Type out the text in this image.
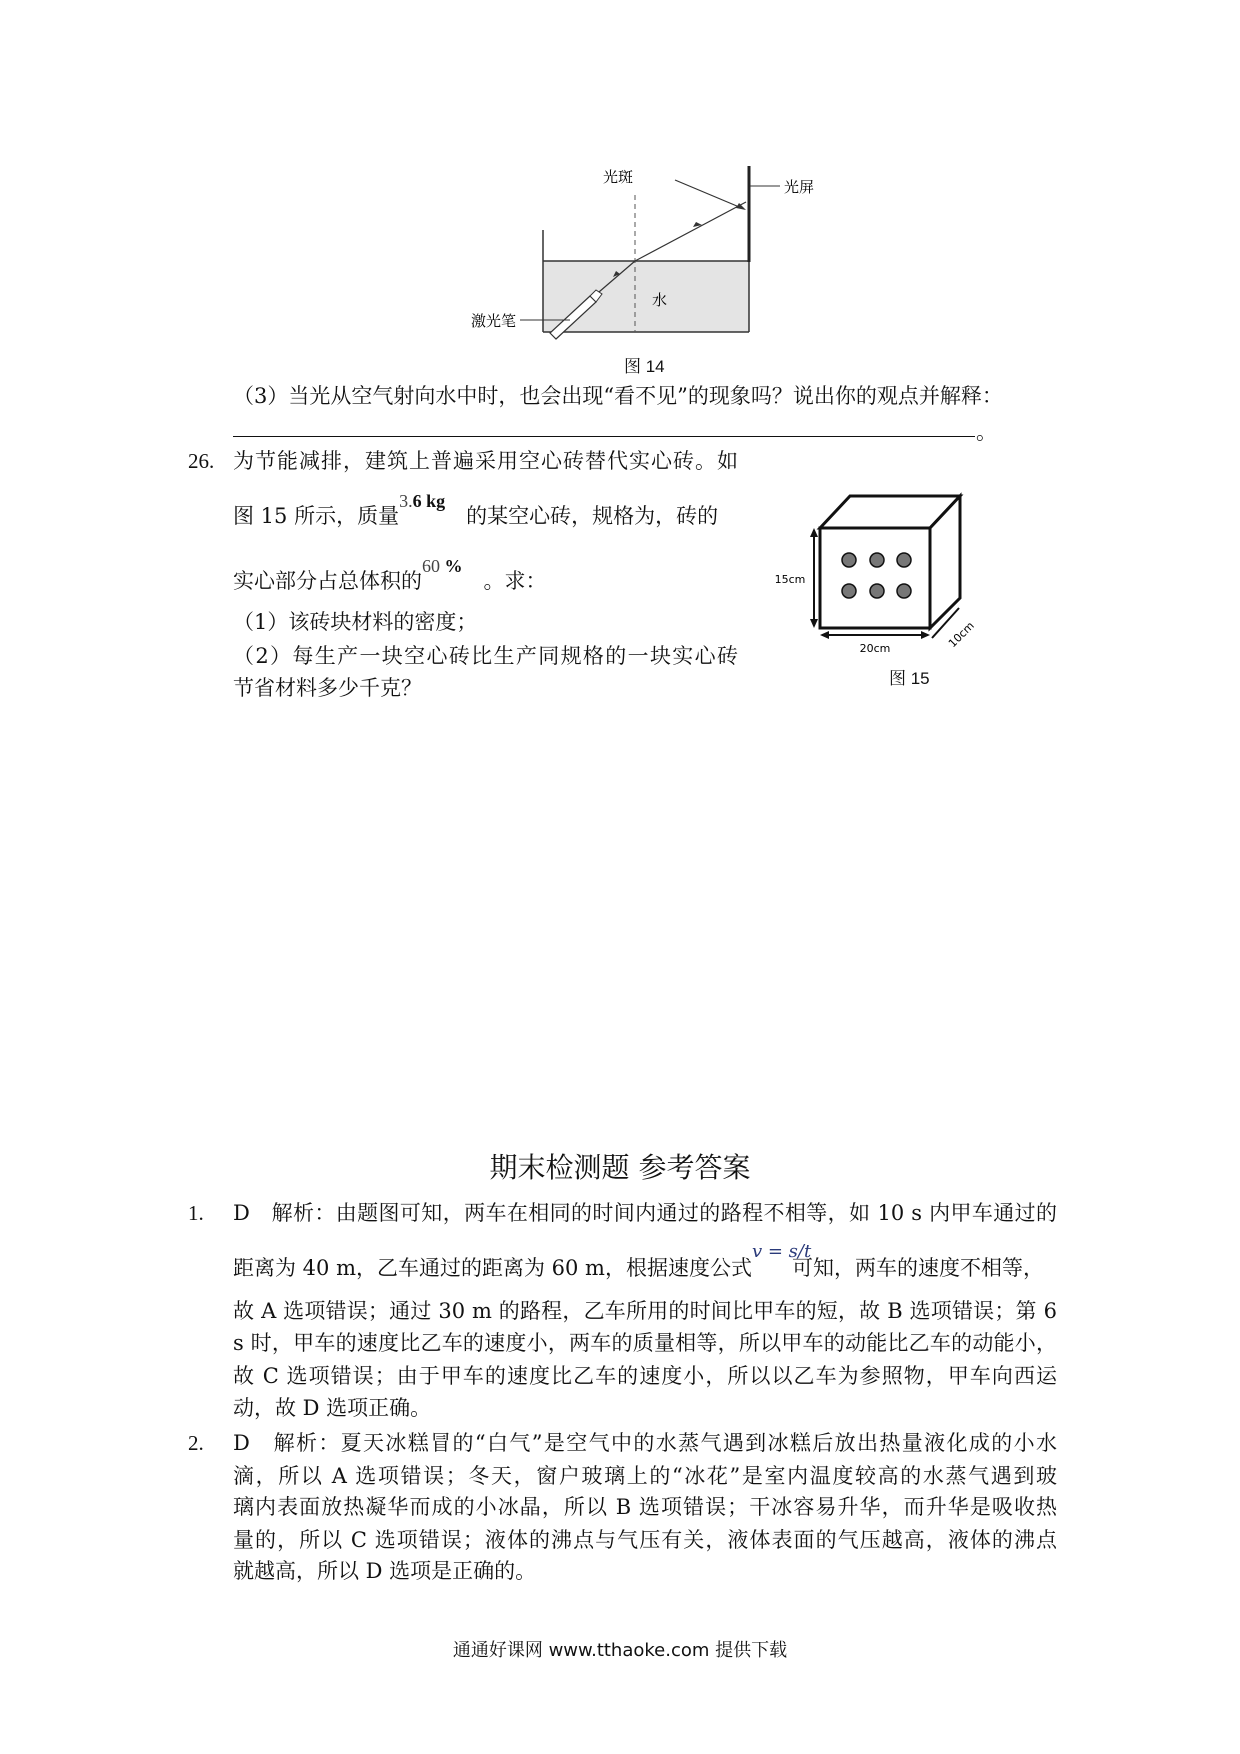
光斑
光屏
水
激光笔
图 14
（3）当光从空气射向水中时，也会出现“看不见”的现象吗？说出你的观点并解释：
。
26. 为节能减排，建筑上普遍采用空心砖替代实心砖。如
图 15 所示，质量3.6 kg　的某空心砖，规格为，砖的
实心部分占总体积的60 %　。求：
（1）该砖块材料的密度；
（2）每生产一块空心砖比生产同规格的一块实心砖
节省材料多少千克？
15cm
20cm	10cm
图 15
期末检测题 参考答案
1. D　解析：由题图可知，两车在相同的时间内通过的路程不相等，如 10 s 内甲车通过的
距离为 40 m，乙车通过的距离为 60 m，根据速度公式v = s/t可知，两车的速度不相等，
故 A 选项错误；通过 30 m 的路程，乙车所用的时间比甲车的短，故 B 选项错误；第 6
s 时，甲车的速度比乙车的速度小，两车的质量相等，所以甲车的动能比乙车的动能小，
故 C 选项错误；由于甲车的速度比乙车的速度小，所以以乙车为参照物，甲车向西运
动，故 D 选项正确。
2. D　解析：夏天冰糕冒的“白气”是空气中的水蒸气遇到冰糕后放出热量液化成的小水
滴，所以 A 选项错误；冬天，窗户玻璃上的“冰花”是室内温度较高的水蒸气遇到玻
璃内表面放热凝华而成的小冰晶，所以 B 选项错误；干冰容易升华，而升华是吸收热
量的，所以 C 选项错误；液体的沸点与气压有关，液体表面的气压越高，液体的沸点
就越高，所以 D 选项是正确的。
通通好课网 www.tthaoke.com 提供下载
